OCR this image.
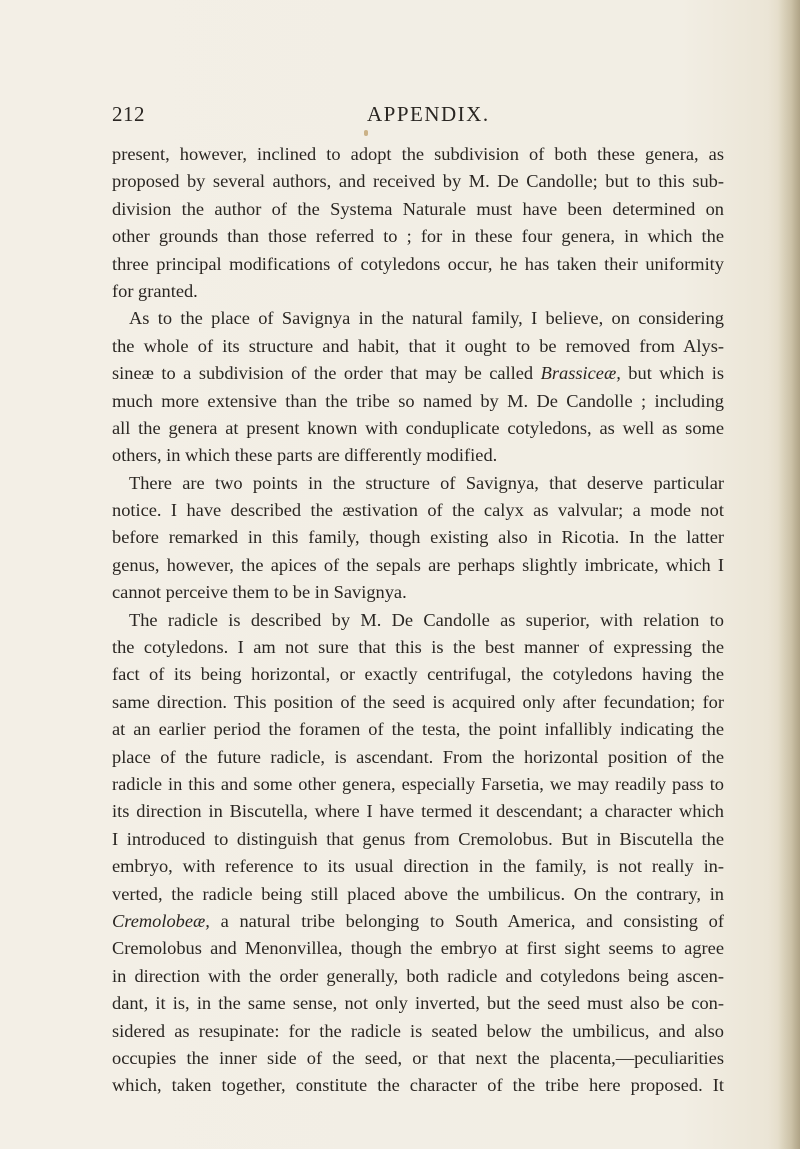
212	APPENDIX.
present, however, inclined to adopt the subdivision of both these genera, as
proposed by several authors, and received by M. De Candolle; but to this sub-
division the author of the Systema Naturale must have been determined on
other grounds than those referred to ; for in these four genera, in which the
three principal modifications of cotyledons occur, he has taken their uniformity
for granted.
As to the place of Savignya in the natural family, I believe, on considering
the whole of its structure and habit, that it ought to be removed from Alys-
sineæ to a subdivision of the order that may be called Brassiceæ, but which is
much more extensive than the tribe so named by M. De Candolle ; including
all the genera at present known with conduplicate cotyledons, as well as some
others, in which these parts are differently modified.
There are two points in the structure of Savignya, that deserve particular
notice. I have described the æstivation of the calyx as valvular; a mode not
before remarked in this family, though existing also in Ricotia. In the latter
genus, however, the apices of the sepals are perhaps slightly imbricate, which I
cannot perceive them to be in Savignya.
The radicle is described by M. De Candolle as superior, with relation to
the cotyledons. I am not sure that this is the best manner of expressing the
fact of its being horizontal, or exactly centrifugal, the cotyledons having the
same direction. This position of the seed is acquired only after fecundation; for
at an earlier period the foramen of the testa, the point infallibly indicating the
place of the future radicle, is ascendant. From the horizontal position of the
radicle in this and some other genera, especially Farsetia, we may readily pass to
its direction in Biscutella, where I have termed it descendant; a character which
I introduced to distinguish that genus from Cremolobus. But in Biscutella the
embryo, with reference to its usual direction in the family, is not really in-
verted, the radicle being still placed above the umbilicus. On the contrary, in
Cremolobeæ, a natural tribe belonging to South America, and consisting of
Cremolobus and Menonvillea, though the embryo at first sight seems to agree
in direction with the order generally, both radicle and cotyledons being ascen-
dant, it is, in the same sense, not only inverted, but the seed must also be con-
sidered as resupinate: for the radicle is seated below the umbilicus, and also
occupies the inner side of the seed, or that next the placenta,—peculiarities
which, taken together, constitute the character of the tribe here proposed. It
